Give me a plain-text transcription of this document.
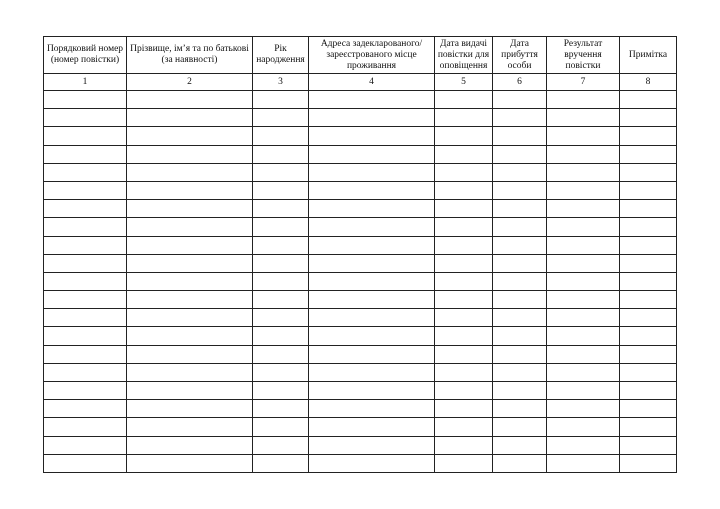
Порядковий номер (номер повістки)	Прізвище, ім’я та по батькові (за наявності)	Рік народження	Адреса задекларованого/ зареєстрованого місце проживання	Дата видачі повістки для оповіщення	Дата прибуття особи	Результат вручення повістки	Примітка
1	2	3	4	5	6	7	8
